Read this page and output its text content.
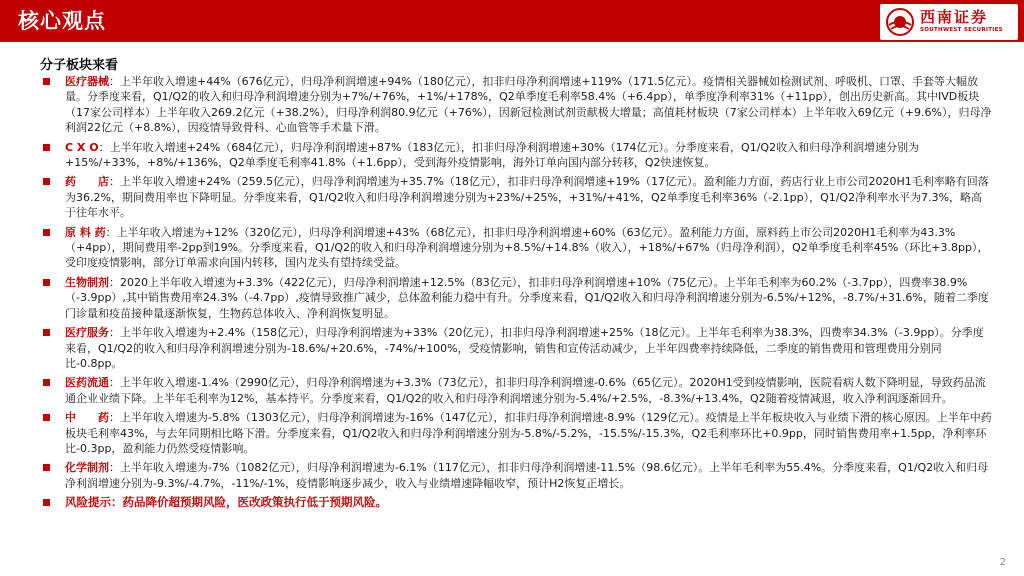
核心观点	西南证券
SOUTHWEST SECURITIES
分子板块来看
医疗器械：上半年收入增速+44%（676亿元），归母净利润增速+94%（180亿元），扣非归母净利润增速+119%（171.5亿元）。疫情相关器械如检测试剂、呼吸机、口罩、手套等大幅放量。分季度来看，Q1/Q2的收入和归母净利润增速分别为+7%/+76%，+1%/+178%，Q2单季度毛利率58.4%（+6.4pp），单季度净利率31%（+11pp），创出历史新高。其中IVD板块（17家公司样本）上半年收入269.2亿元（+38.2%），归母净利润80.9亿元（+76%），因新冠检测试剂贡献极大增量；高值耗材板块（7家公司样本）上半年收入69亿元（+9.6%），归母净利润22亿元（+8.8%），因疫情导致骨科、心血管等手术量下滑。
C X O：上半年收入增速+24%（684亿元），归母净利润增速+87%（183亿元），扣非归母净利润增速+30%（174亿元）。分季度来看，Q1/Q2收入和归母净利润增速分别为+15%/+33%，+8%/+136%，Q2单季度毛利率41.8%（+1.6pp），受到海外疫情影响，海外订单向国内部分转移，Q2快速恢复。
药　　店：上半年收入增速+24%（259.5亿元），归母净利润增速为+35.7%（18亿元），扣非归母净利润增速+19%（17亿元）。盈利能力方面，药店行业上市公司2020H1毛利率略有回落为36.2%，期间费用率也下降明显。分季度来看，Q1/Q2收入和归母净利润增速分别为+23%/+25%，+31%/+41%，Q2单季度毛利率36%（-2.1pp），Q1/Q2净利率水平为7.3%，略高于往年水平。
原 料 药：上半年收入增速为+12%（320亿元），归母净利润增速+43%（68亿元），扣非归母净利润增速+60%（63亿元）。盈利能力方面，原料药上市公司2020H1毛利率为43.3%（+4pp），期间费用率-2pp到19%。分季度来看，Q1/Q2的收入和归母净利润增速分别为+8.5%/+14.8%（收入），+18%/+67%（归母净利润），Q2单季度毛利率45%（环比+3.8pp），受印度疫情影响，部分订单需求向国内转移，国内龙头有望持续受益。
生物制剂：2020上半年收入增速为+3.3%（422亿元），归母净利润增速+12.5%（83亿元），扣非归母净利润增速+10%（75亿元）。上半年毛利率为60.2%（-3.7pp），四费率38.9%（-3.9pp）,其中销售费用率24.3%（-4.7pp）,疫情导致推广减少，总体盈利能力稳中有升。分季度来看，Q1/Q2收入和归母净利润增速分别为-6.5%/+12%，-8.7%/+31.6%，随着二季度门诊量和疫苗接种量逐渐恢复，生物药总体收入、净利润恢复明显。
医疗服务：上半年收入增速为+2.4%（158亿元），归母净利润增速为+33%（20亿元），扣非归母净利润增速+25%（18亿元）。上半年毛利率为38.3%，四费率34.3%（-3.9pp）。分季度来看，Q1/Q2的收入和归母净利润增速分别为-18.6%/+20.6%，-74%/+100%，受疫情影响，销售和宣传活动减少，上半年四费率持续降低，二季度的销售费用和管理费用分别同比-0.8pp。
医药流通：上半年收入增速-1.4%（2990亿元），归母净利润增速为+3.3%（73亿元），扣非归母净利润增速-0.6%（65亿元）。2020H1受到疫情影响，医院看病人数下降明显，导致药品流通企业业绩下降。上半年毛利率为12%，基本持平。分季度来看，Q1/Q2的收入和归母净利润增速分别为-5.4%/+2.5%，-8.3%/+13.4%，Q2随着疫情减退，收入净利润逐渐回升。
中　　药：上半年收入增速为-5.8%（1303亿元），归母净利润增速为-16%（147亿元），扣非归母净利润增速-8.9%（129亿元）。疫情是上半年板块收入与业绩下滑的核心原因。上半年中药板块毛利率43%，与去年同期相比略下滑。分季度来看，Q1/Q2收入和归母净利润增速分别为-5.8%/-5.2%，-15.5%/-15.3%，Q2毛利率环比+0.9pp，同时销售费用率+1.5pp，净利率环比-0.3pp，盈利能力仍然受疫情影响。
化学制剂：上半年收入增速为-7%（1082亿元），归母净利润增速为-6.1%（117亿元），扣非归母净利润增速-11.5%（98.6亿元）。上半年毛利率为55.4%。分季度来看，Q1/Q2收入和归母净利润增速分别为-9.3%/-4.7%，-11%/-1%，疫情影响逐步减少，收入与业绩增速降幅收窄，预计H2恢复正增长。
风险提示：药品降价超预期风险，医改政策执行低于预期风险。
2
